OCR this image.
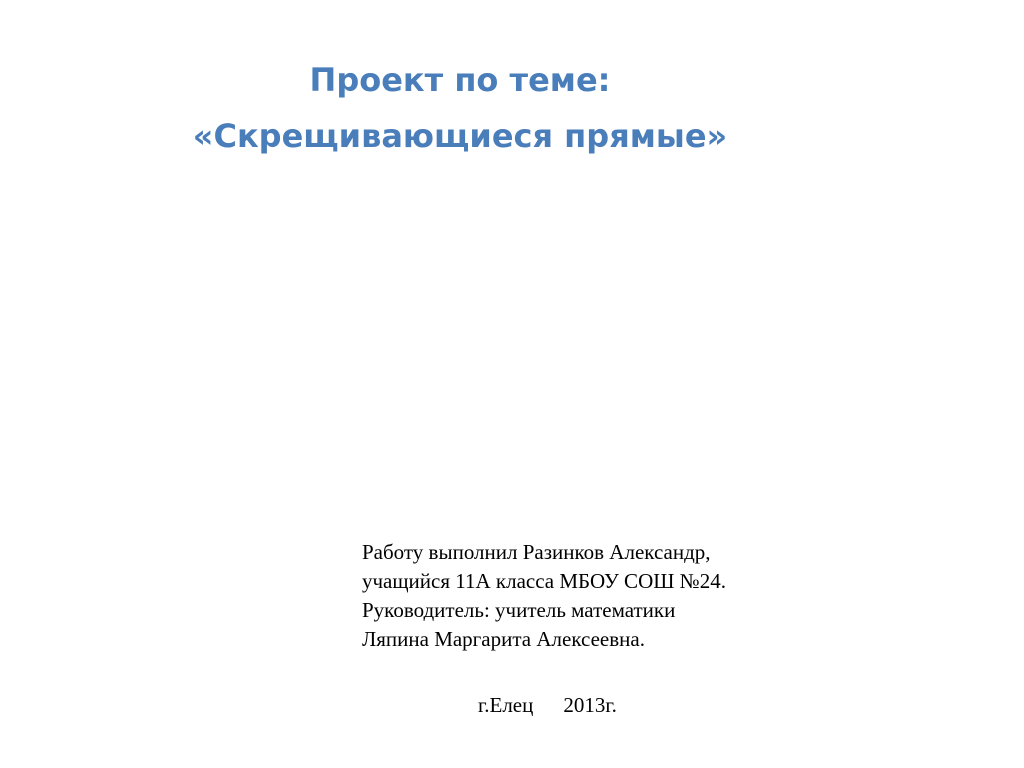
Проект по теме:
«Скрещивающиеся прямые»
Работу выполнил Разинков Александр,
учащийся 11А класса МБОУ СОШ №24.
Руководитель: учитель математики
Ляпина Маргарита Алексеевна.
г.Елец 2013г.
